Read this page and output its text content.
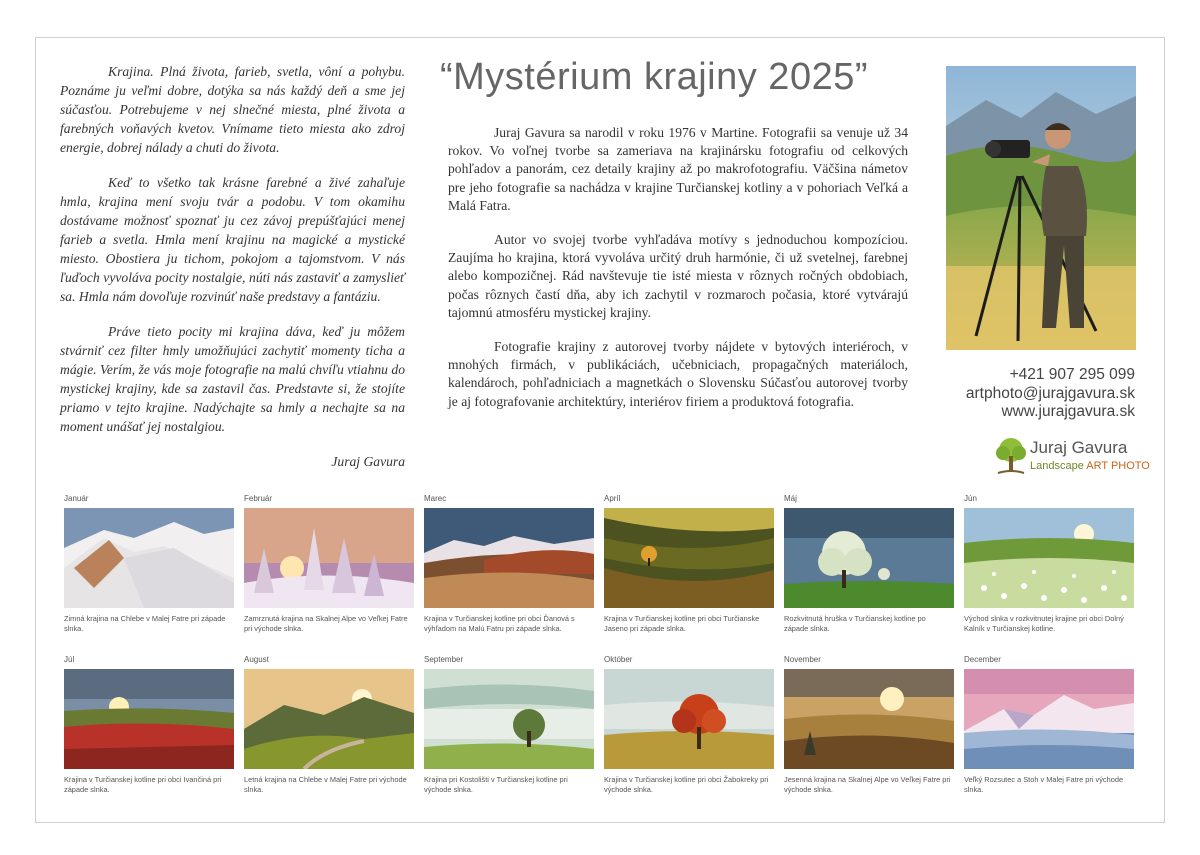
Krajina. Plná života, farieb, svetla, vôní a pohybu. Poznáme ju veľmi dobre, dotýka sa nás každý deň a sme jej súčasťou. Potrebujeme v nej slnečné miesta, plné života a farebných voňavých kvetov. Vnímame tieto miesta ako zdroj energie, dobrej nálady a chuti do života.

Keď to všetko tak krásne farebné a živé zahaľuje hmla, krajina mení svoju tvár a podobu. V tom okamihu dostávame možnosť spoznať ju cez závoj prepúšťajúci menej farieb a svetla. Hmla mení krajinu na magické a mystické miesto. Obostiera ju tichom, pokojom a tajomstvom. V nás ľuďoch vyvoláva pocity nostalgie, núti nás zastaviť a zamyslieť sa. Hmla nám dovoľuje rozvinúť naše predstavy a fantáziu.

Práve tieto pocity mi krajina dáva, keď ju môžem stvárniť cez filter hmly umožňujúci zachytiť momenty ticha a mágie. Verím, že vás moje fotografie na malú chvíľu vtiahnu do mystickej krajiny, kde sa zastavil čas. Predstavte si, že stojíte priamo v tejto krajine. Nadýchajte sa hmly a nechajte sa na moment unášať jej nostalgiou.

Juraj Gavura

“Mystérium krajiny 2025”

Juraj Gavura sa narodil v roku 1976 v Martine. Fotografii sa venuje už 34 rokov. Vo voľnej tvorbe sa zameriava na krajinársku fotografiu od celkových pohľadov a panorám, cez detaily krajiny až po makrofotografiu. Väčšina námetov pre jeho fotografie sa nachádza v krajine Turčianskej kotliny a v pohoriach Veľká a Malá Fatra.

Autor vo svojej tvorbe vyhľadáva motívy s jednoduchou kompozíciou. Zaujíma ho krajina, ktorá vyvoláva určitý druh harmónie, či už svetelnej, farebnej alebo kompozičnej. Rád navštevuje tie isté miesta v rôznych ročných obdobiach, počas rôznych častí dňa, aby ich zachytil v rozmaroch počasia, ktoré vytvárajú tajomnú atmosféru mystickej krajiny.

Fotografie krajiny z autorovej tvorby nájdete v bytových interiéroch, v mnohých firmách, v publikáciách, učebniciach, propagačných materiáloch, kalendároch, pohľadniciach a magnetkách o Slovensku Súčasťou autorovej tvorby je aj fotografovanie architektúry, interiérov firiem a produktová fotografia.

+421 907 295 099
artphoto@jurajgavura.sk
www.jurajgavura.sk
Juraj Gavura
Landscape ART PHOTO
Január
Zimná krajina na Chlebe v Malej Fatre pri západe slnka.
Február
Zamrznutá krajina na Skalnej Alpe vo Veľkej Fatre pri východe slnka.
Marec
Krajina v Turčianskej kotline pri obci Ďanová s výhľadom na Malú Fatru pri západe slnka.
Apríl
Krajina v Turčianskej kotline pri obci Turčianske Jaseno pri západe slnka.
Máj
Rozkvitnutá hruška v Turčianskej kotline po západe slnka.
Jún
Východ slnka v rozkvitnutej krajine pri obci Dolný Kalník v Turčianskej kotline.
Júl
Krajina v Turčianskej kotline pri obci Ivančiná pri západe slnka.
August
Letná krajina na Chlebe v Malej Fatre pri východe slnka.
September
Krajina pri Kostolišti v Turčianskej kotline pri východe slnka.
Október
Krajina v Turčianskej kotline pri obci Žabokreky pri východe slnka.
November
Jesenná krajina na Skalnej Alpe vo Veľkej Fatre pri východe slnka.
December
Veľký Rozsutec a Stoh v Malej Fatre pri východe slnka.
